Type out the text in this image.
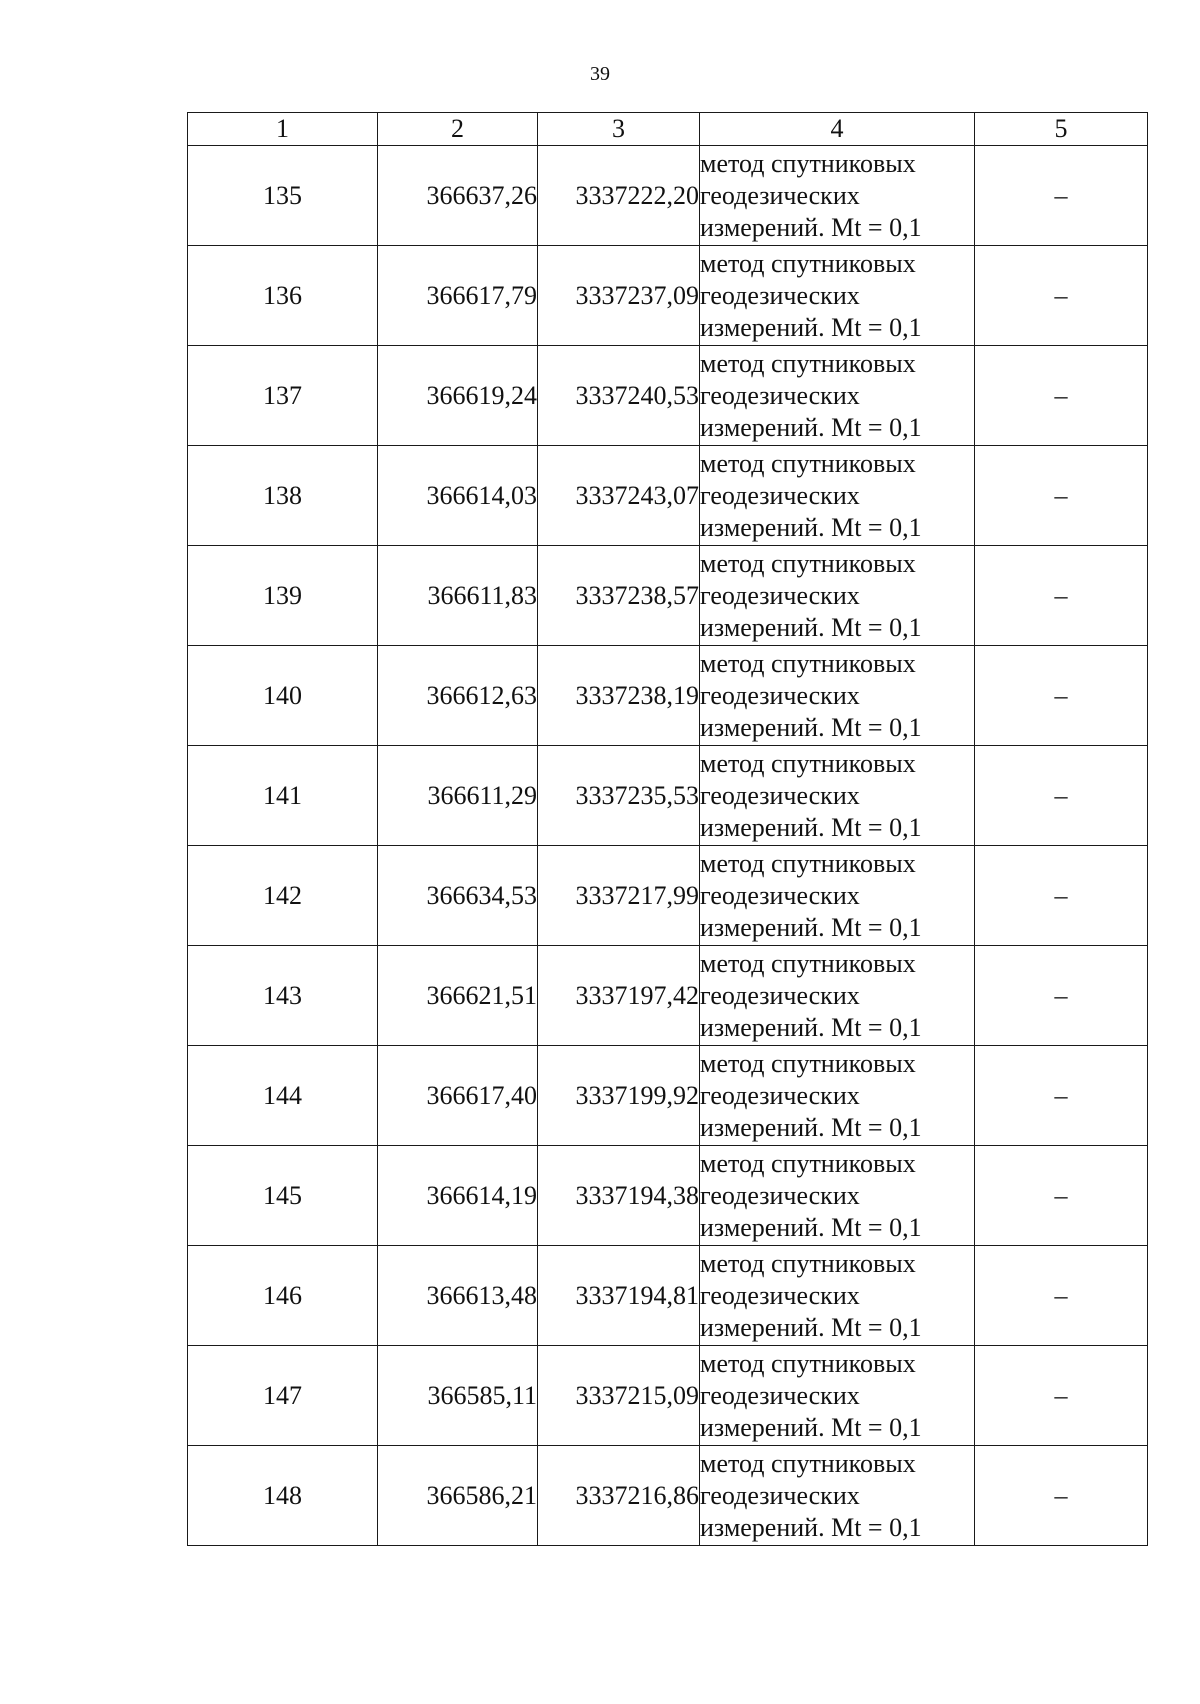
39
1	2	3	4	5
135	366637,26	3337222,20	метод спутниковых
геодезических
измерений. Mt = 0,1	–
136	366617,79	3337237,09	метод спутниковых
геодезических
измерений. Mt = 0,1	–
137	366619,24	3337240,53	метод спутниковых
геодезических
измерений. Mt = 0,1	–
138	366614,03	3337243,07	метод спутниковых
геодезических
измерений. Mt = 0,1	–
139	366611,83	3337238,57	метод спутниковых
геодезических
измерений. Mt = 0,1	–
140	366612,63	3337238,19	метод спутниковых
геодезических
измерений. Mt = 0,1	–
141	366611,29	3337235,53	метод спутниковых
геодезических
измерений. Mt = 0,1	–
142	366634,53	3337217,99	метод спутниковых
геодезических
измерений. Mt = 0,1	–
143	366621,51	3337197,42	метод спутниковых
геодезических
измерений. Mt = 0,1	–
144	366617,40	3337199,92	метод спутниковых
геодезических
измерений. Mt = 0,1	–
145	366614,19	3337194,38	метод спутниковых
геодезических
измерений. Mt = 0,1	–
146	366613,48	3337194,81	метод спутниковых
геодезических
измерений. Mt = 0,1	–
147	366585,11	3337215,09	метод спутниковых
геодезических
измерений. Mt = 0,1	–
148	366586,21	3337216,86	метод спутниковых
геодезических
измерений. Mt = 0,1	–
